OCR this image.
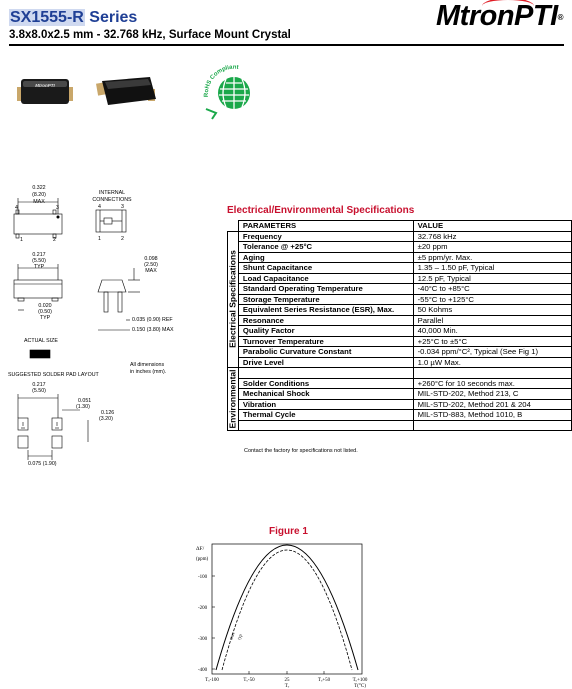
SX1555-R Series
3.8x8.0x2.5 mm - 32.768 kHz, Surface Mount Crystal
MtronPTI®
MtronPTI
RoHS Compliant
0.322
(8.20)
MAX
4	3
1	2
INTERNAL
CONNECTIONS
4	3
1	2
0.217
(5.50)
TYP
0.098
(2.50)
MAX
0.020
(0.50)
TYP	0.035 (0.90) REF
0.150 (3.80) MAX
ACTUAL SIZE
All dimensions
in inches (mm).
SUGGESTED SOLDER PAD LAYOUT
0.217
(5.50)
0.051
(1.30)
0.126
(3.20)
0.075 (1.90)
Electrical/Environmental Specifications
	PARAMETERS	VALUE

Electrical Specifications	Frequency	32.768 kHz
	Tolerance @ +25°C	±20 ppm
	Aging	±5 ppm/yr. Max.
	Shunt Capacitance	1.35 – 1.50 pF, Typical
	Load Capacitance	12.5 pF, Typical
	Standard Operating Temperature	-40°C to +85°C
	Storage Temperature	-55°C to +125°C
	Equivalent Series Resistance (ESR), Max.	50 Kohms
	Resonance	Parallel
	Quality Factor	40,000 Min.
	Turnover Temperature	+25°C to ±5°C
	Parabolic Curvature Constant	-0.034 ppm/°C², Typical (See Fig 1)
	Drive Level	1.0 µW Max.

Environmental		

	Solder Conditions	+260°C for 10 seconds max.
	Mechanical Shock	MIL-STD-202, Method 213, C
	Vibration	MIL-STD-202, Method 201 & 204
	Thermal Cycle	MIL-STD-883, Method 1010, B

Contact the factory for specifications not listed.
Figure 1
ΔF/
(ppm)
-100
-200
-300
-400
Tₒ-100	Tₒ-50	25	Tₒ+50	Tₒ+100
Tₒ	T(°C)
max typ
